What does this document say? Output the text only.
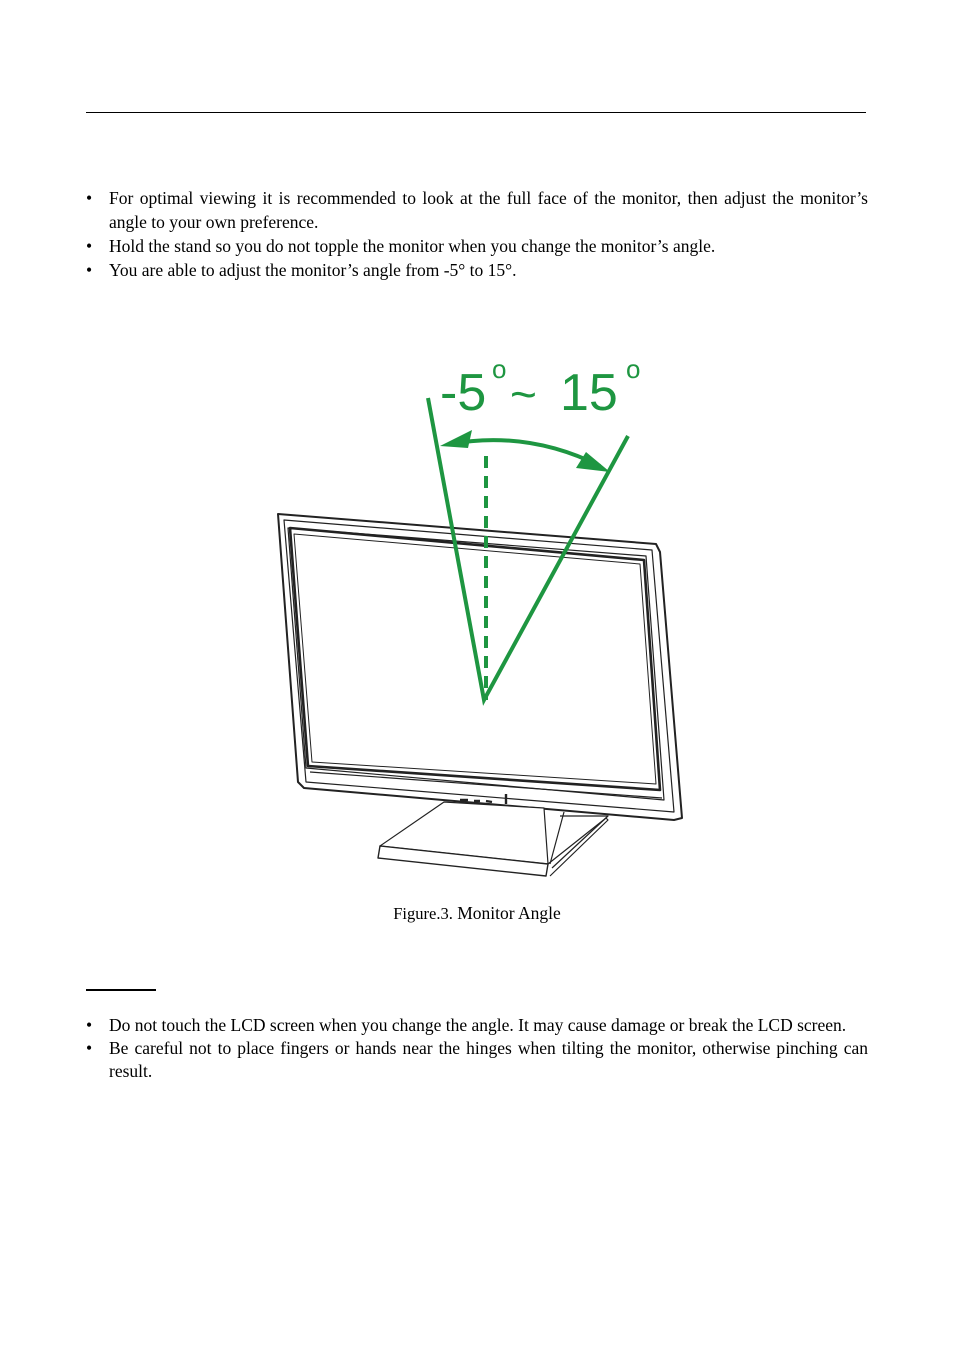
• For optimal viewing it is recommended to look at the full face of the monitor, then adjust the monitor’s angle to your own preference.
• Hold the stand so you do not topple the monitor when you change the monitor’s angle.
• You are able to adjust the monitor’s angle from -5° to 15°.
-5 o ~ 15 o
Figure.3. Monitor Angle
• Do not touch the LCD screen when you change the angle. It may cause damage or break the LCD screen.
• Be careful not to place fingers or hands near the hinges when tilting the monitor, otherwise pinching can result.
